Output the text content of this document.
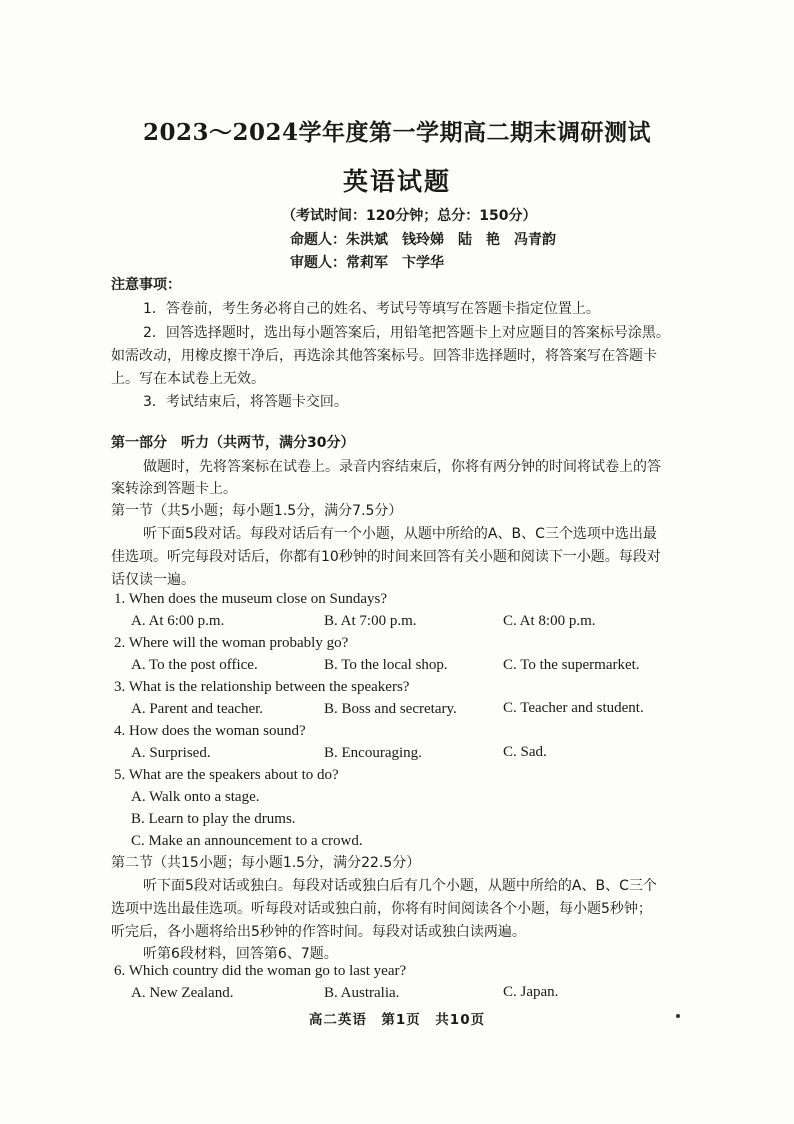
2023～2024学年度第一学期高二期末调研测试
英语试题
（考试时间：120分钟；总分：150分）
命题人：朱洪斌　钱玲娣　陆　艳　冯青韵
审题人：常莉军　卞学华
注意事项：
1．答卷前，考生务必将自己的姓名、考试号等填写在答题卡指定位置上。
2．回答选择题时，选出每小题答案后，用铅笔把答题卡上对应题目的答案标号涂黑。
如需改动，用橡皮擦干净后，再选涂其他答案标号。回答非选择题时，将答案写在答题卡
上。写在本试卷上无效。
3．考试结束后，将答题卡交回。
第一部分　听力（共两节，满分30分）
做题时，先将答案标在试卷上。录音内容结束后，你将有两分钟的时间将试卷上的答
案转涂到答题卡上。
第一节（共5小题；每小题1.5分，满分7.5分）
听下面5段对话。每段对话后有一个小题，从题中所给的A、B、C三个选项中选出最
佳选项。听完每段对话后，你都有10秒钟的时间来回答有关小题和阅读下一小题。每段对
话仅读一遍。
1. When does the museum close on Sundays?
A. At 6:00 p.m.	B. At 7:00 p.m.	C. At 8:00 p.m.
2. Where will the woman probably go?
A. To the post office.	B. To the local shop.	C. To the supermarket.
3. What is the relationship between the speakers?
A. Parent and teacher.	B. Boss and secretary.	C. Teacher and student.
4. How does the woman sound?
A. Surprised.	B. Encouraging.	C. Sad.
5. What are the speakers about to do?
A. Walk onto a stage.
B. Learn to play the drums.
C. Make an announcement to a crowd.
第二节（共15小题；每小题1.5分，满分22.5分）
听下面5段对话或独白。每段对话或独白后有几个小题，从题中所给的A、B、C三个
选项中选出最佳选项。听每段对话或独白前，你将有时间阅读各个小题，每小题5秒钟；
听完后，各小题将给出5秒钟的作答时间。每段对话或独白读两遍。
听第6段材料，回答第6、7题。
6. Which country did the woman go to last year?
A. New Zealand.	B. Australia.	C. Japan.
高二英语　第1页　共10页
